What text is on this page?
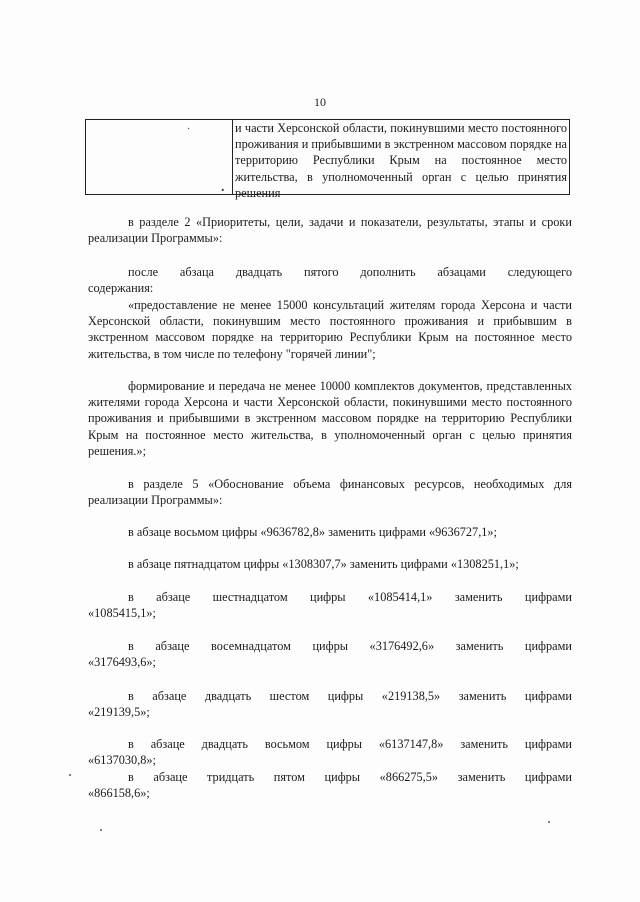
10
·	и части Херсонской области, покинувшими место постоянного проживания и прибывшими в экстренном массовом порядке на территорию Республики Крым на постоянное место жительства, в уполномоченный орган с целью принятия решения
.
в разделе 2 «Приоритеты, цели, задачи и показатели, результаты, этапы и сроки реализации Программы»:
после абзаца двадцать пятого дополнить абзацами следующего
содержания:
«предоставление не менее 15000 консультаций жителям города Херсона и части Херсонской области, покинувшим место постоянного проживания и прибывшим в экстренном массовом порядке на территорию Республики Крым на постоянное место жительства, в том числе по телефону "горячей линии";
формирование и передача не менее 10000 комплектов документов, представленных жителями города Херсона и части Херсонской области, покинувшими место постоянного проживания и прибывшими в экстренном массовом порядке на территорию Республики Крым на постоянное место жительства, в уполномоченный орган с целью принятия решения.»;
в разделе 5 «Обоснование объема финансовых ресурсов, необходимых для реализации Программы»:
в абзаце восьмом цифры «9636782,8» заменить цифрами «9636727,1»;
в абзаце пятнадцатом цифры «1308307,7» заменить цифрами «1308251,1»;
в абзаце шестнадцатом цифры «1085414,1» заменить цифрами
«1085415,1»;
в абзаце восемнадцатом цифры «3176492,6» заменить цифрами
«3176493,6»;
в абзаце двадцать шестом цифры «219138,5» заменить цифрами
«219139,5»;
в абзаце двадцать восьмом цифры «6137147,8» заменить цифрами
«6137030,8»;
в абзаце тридцать пятом цифры «866275,5» заменить цифрами
«866158,6»;
